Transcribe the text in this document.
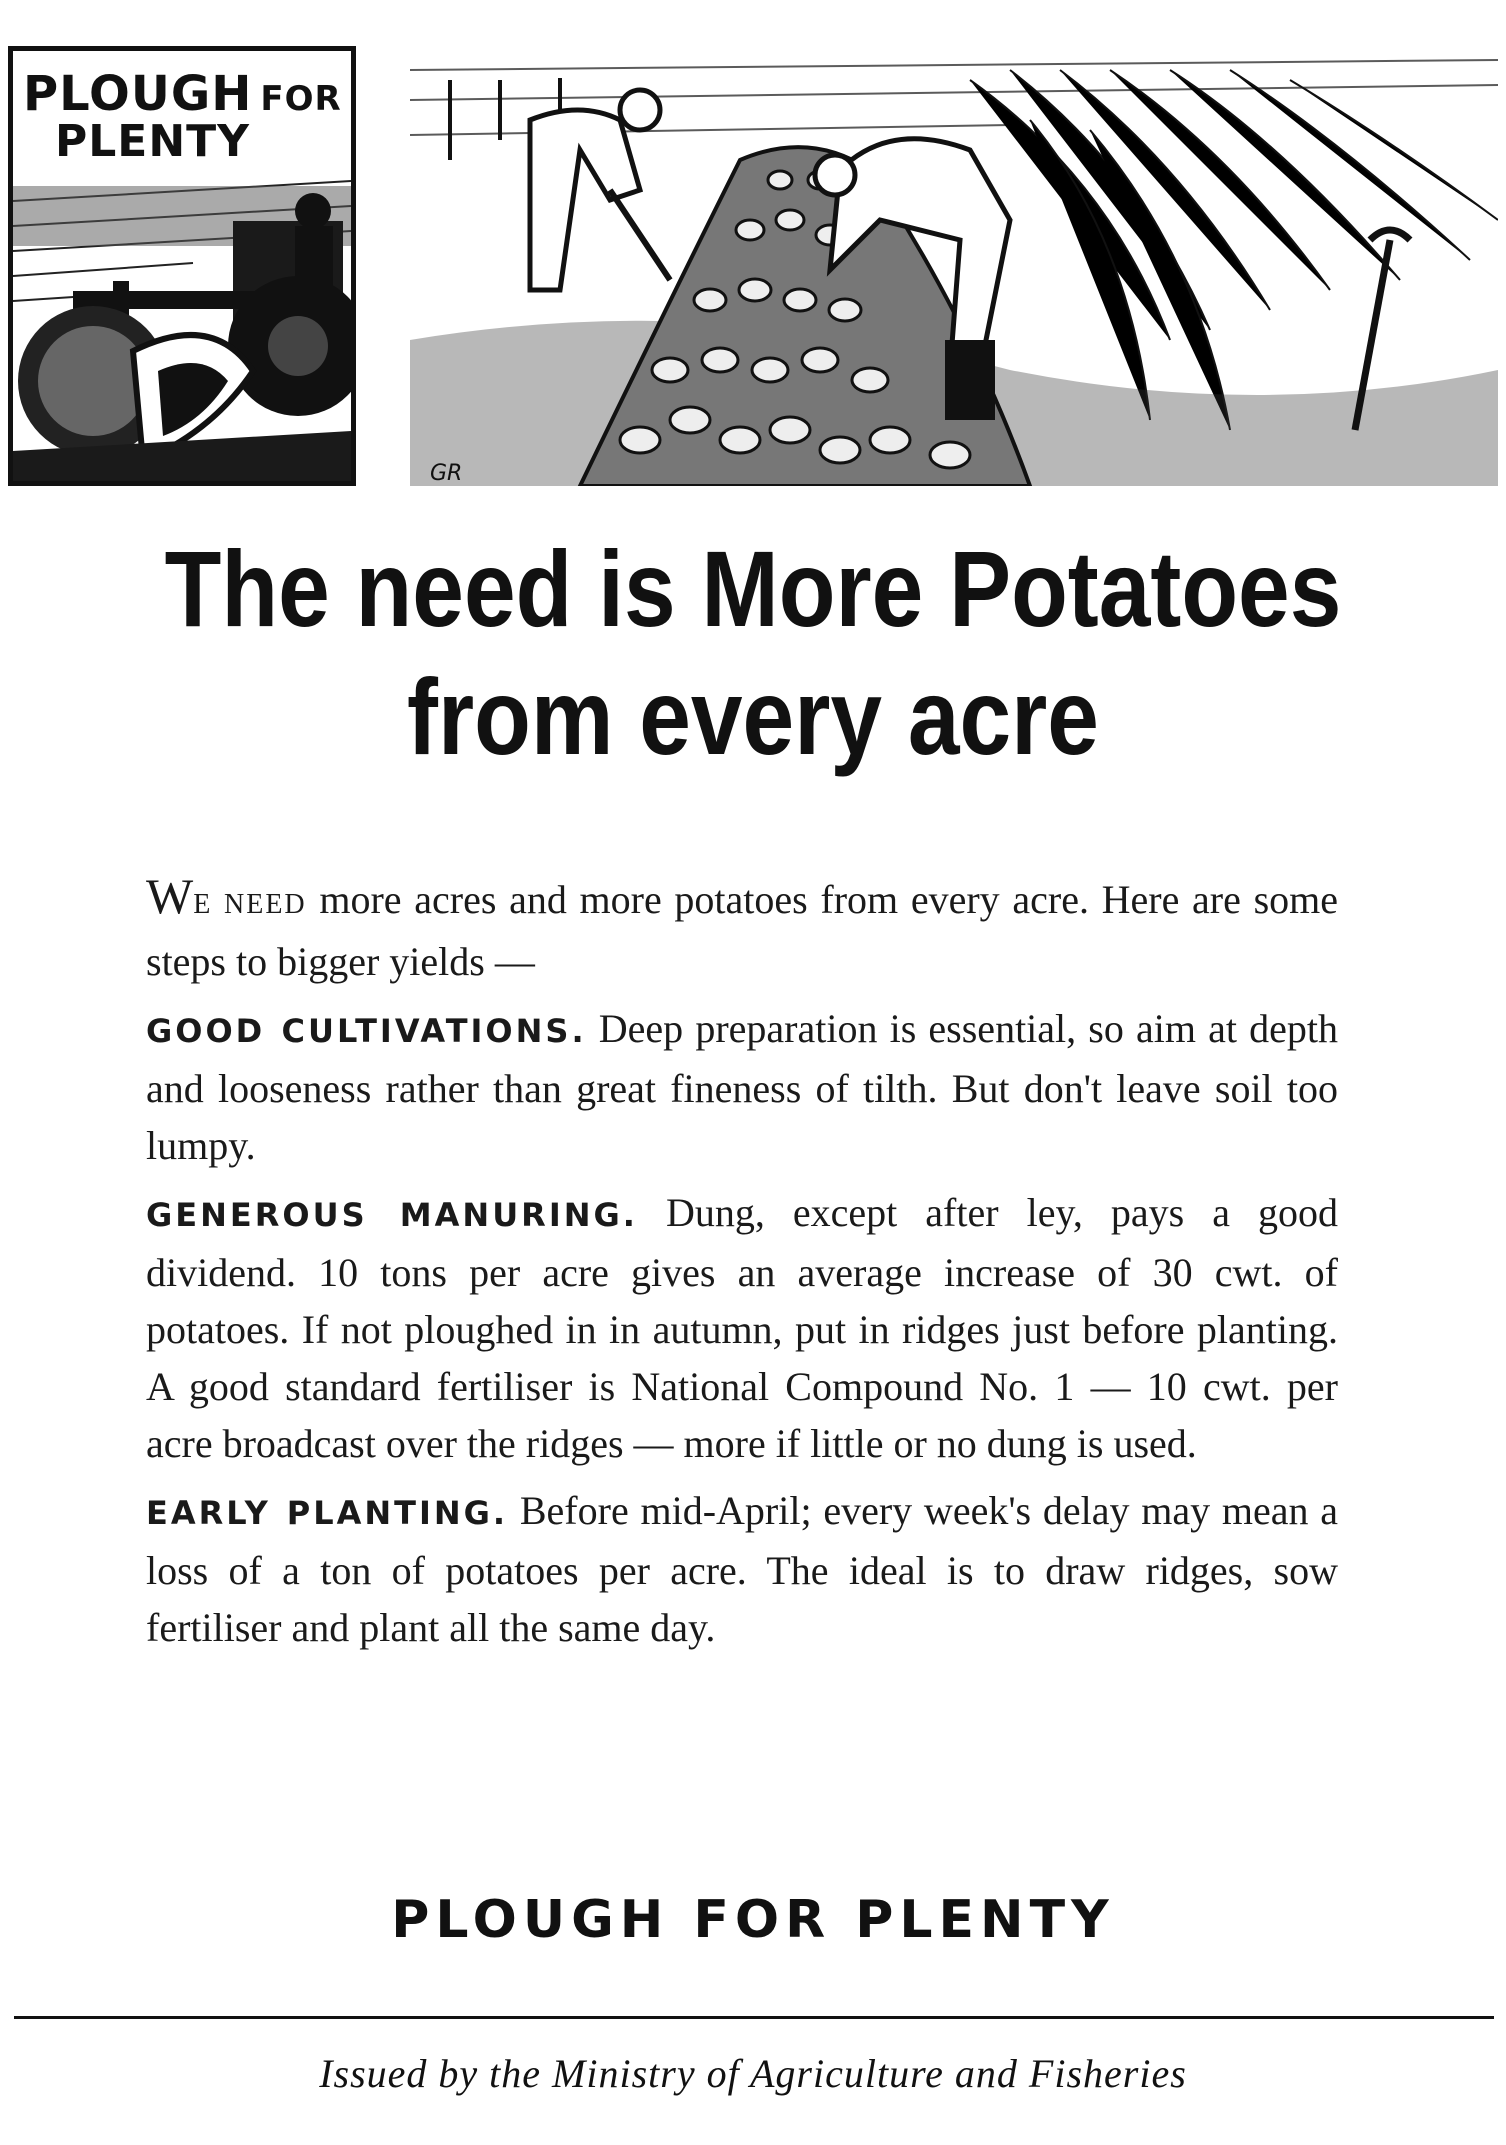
PLOUGH FOR
PLENTY
GR
The need is More Potatoes
from every acre

WE NEED more acres and more potatoes from every acre. Here are some steps to bigger yields —

GOOD CULTIVATIONS. Deep preparation is essential, so aim at depth and looseness rather than great fineness of tilth. But don't leave soil too lumpy.

GENEROUS MANURING. Dung, except after ley, pays a good dividend. 10 tons per acre gives an average increase of 30 cwt. of potatoes. If not ploughed in in autumn, put in ridges just before planting. A good standard fertiliser is National Compound No. 1 — 10 cwt. per acre broadcast over the ridges — more if little or no dung is used.

EARLY PLANTING. Before mid-April; every week's delay may mean a loss of a ton of potatoes per acre. The ideal is to draw ridges, sow fertiliser and plant all the same day.

PLOUGH FOR PLENTY
Issued by the Ministry of Agriculture and Fisheries
